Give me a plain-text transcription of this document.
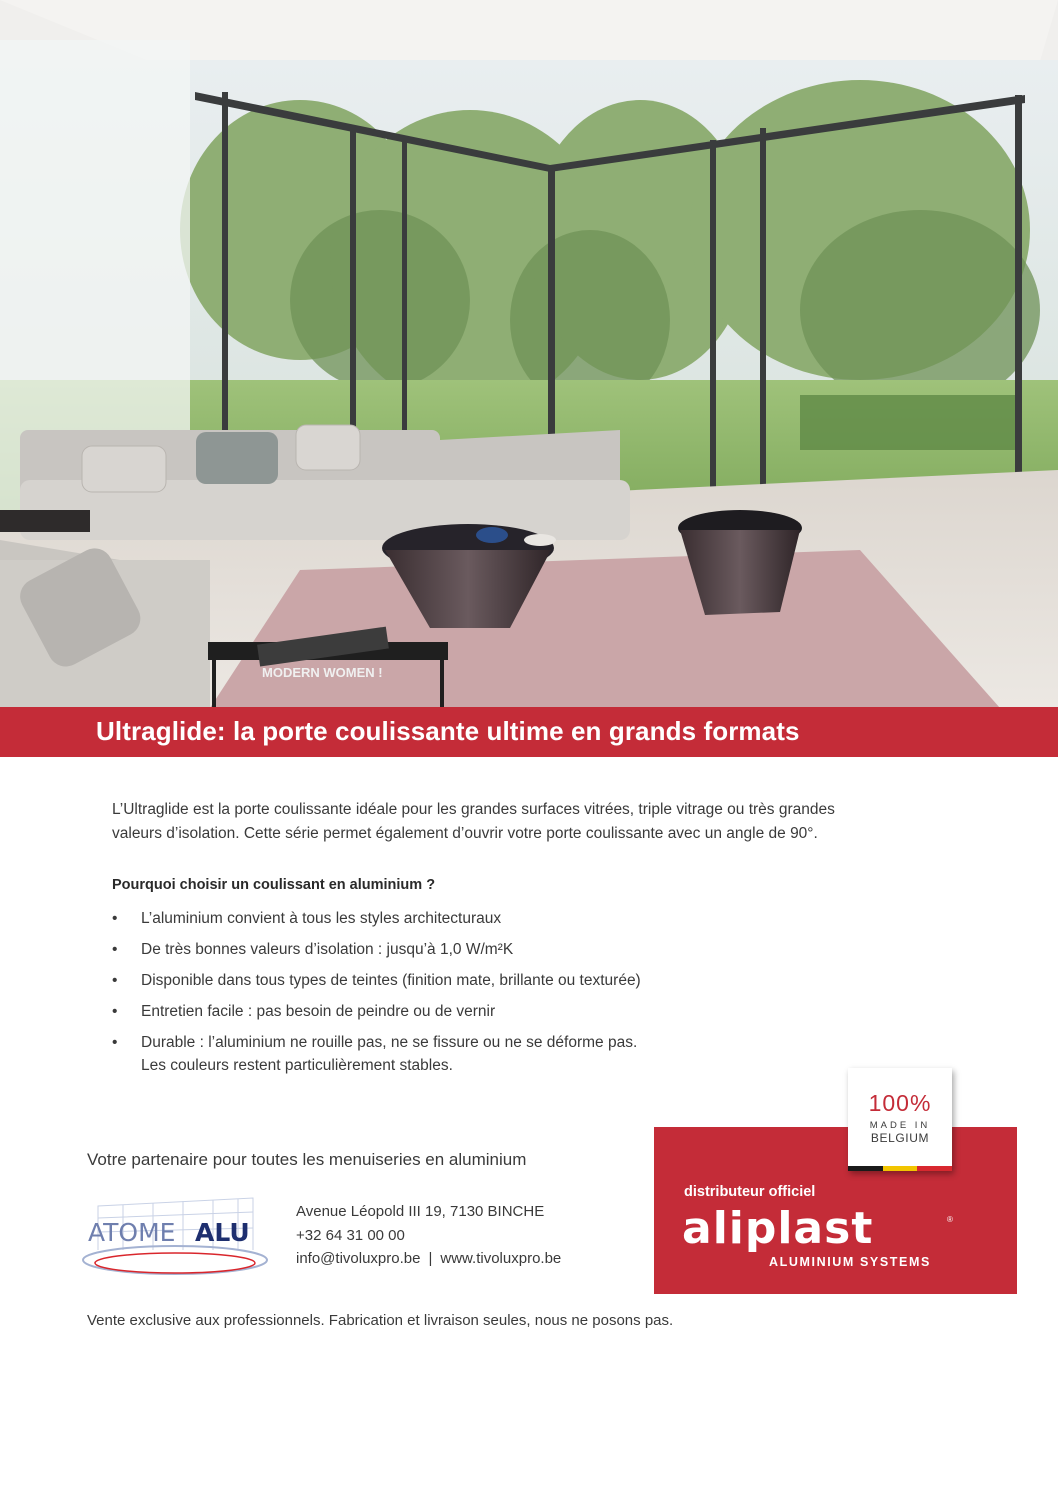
MODERN WOMEN !
Ultraglide: la porte coulissante ultime en grands formats

L’Ultraglide est la porte coulissante idéale pour les grandes surfaces vitrées, triple vitrage ou très grandes
valeurs d’isolation. Cette série permet également d’ouvrir votre porte coulissante avec un angle de 90°.

Pourquoi choisir un coulissant en aluminium ?
• L’aluminium convient à tous les styles architecturaux
• De très bonnes valeurs d’isolation : jusqu’à 1,0 W/m²K
• Disponible dans tous types de teintes (finition mate, brillante ou texturée)
• Entretien facile : pas besoin de peindre ou de vernir
• Durable : l’aluminium ne rouille pas, ne se fissure ou ne se déforme pas.
Les couleurs restent particulièrement stables.

Votre partenaire pour toutes les menuiseries en aluminium

ATOME ALU
Avenue Léopold III 19, 7130 BINCHE
+32 64 31 00 00
info@tivoluxpro.be | www.tivoluxpro.be
distributeur officiel
aliplast	®
ALUMINIUM SYSTEMS
100%
MADE IN
BELGIUM

Vente exclusive aux professionnels. Fabrication et livraison seules, nous ne posons pas.
